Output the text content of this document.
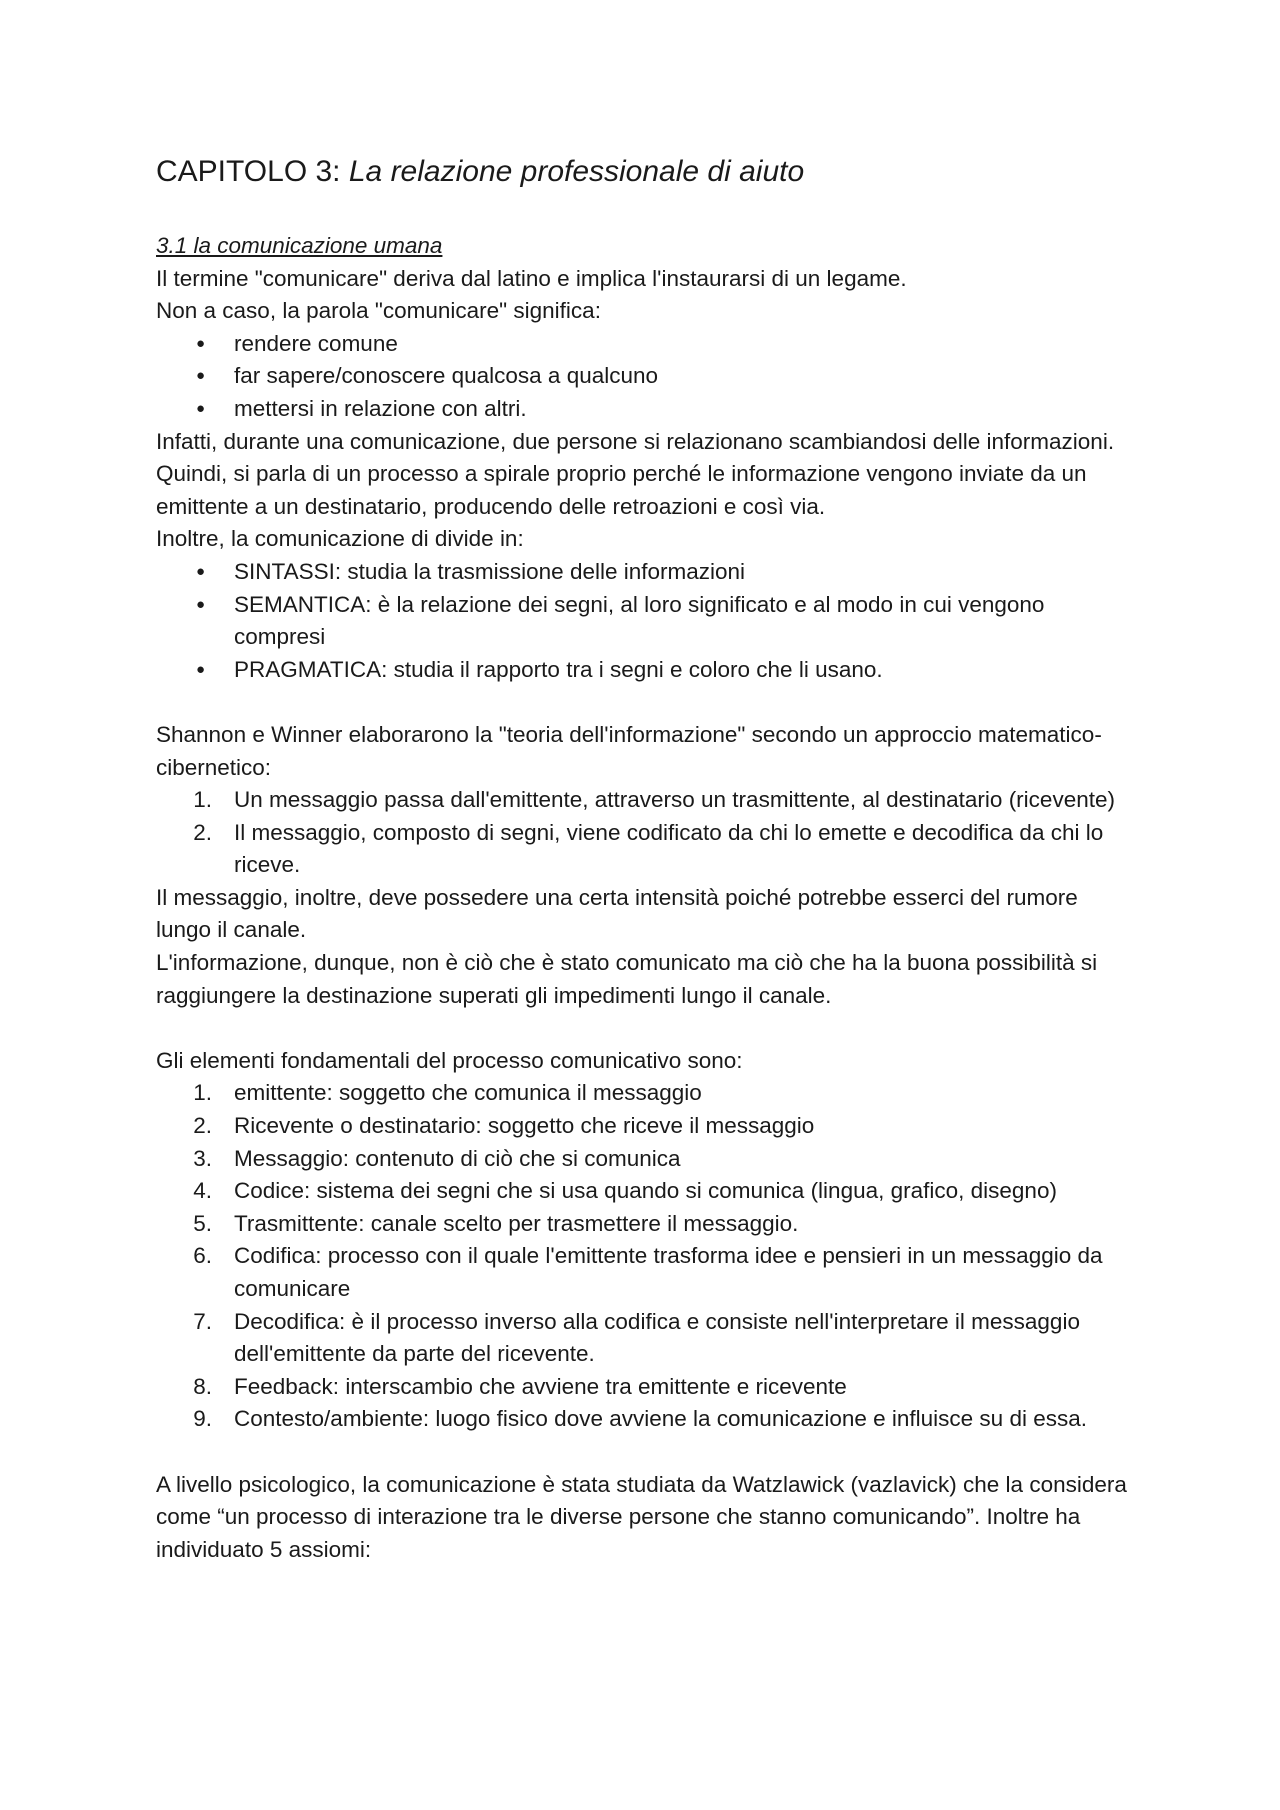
CAPITOLO 3: La relazione professionale di aiuto

3.1 la comunicazione umana

Il termine "comunicare" deriva dal latino e implica l'instaurarsi di un legame.

Non a caso, la parola "comunicare" significa:

●	rendere comune
●	far sapere/conoscere qualcosa a qualcuno
●	mettersi in relazione con altri.

Infatti, durante una comunicazione, due persone si relazionano scambiandosi delle informazioni. Quindi, si parla di un processo a spirale proprio perché le informazione vengono inviate da un emittente a un destinatario, producendo delle retroazioni e così via.

Inoltre, la comunicazione di divide in:

●	SINTASSI: studia la trasmissione delle informazioni
●	SEMANTICA: è la relazione dei segni, al loro significato e al modo in cui vengono compresi
●	PRAGMATICA: studia il rapporto tra i segni e coloro che li usano.

Shannon e Winner elaborarono la "teoria dell'informazione" secondo un approccio matematico-cibernetico:

1. Un messaggio passa dall'emittente, attraverso un trasmittente, al destinatario (ricevente)
2. Il messaggio, composto di segni, viene codificato da chi lo emette e decodifica da chi lo riceve.

Il messaggio, inoltre, deve possedere una certa intensità poiché potrebbe esserci del rumore lungo il canale.

L'informazione, dunque, non è ciò che è stato comunicato ma ciò che ha la buona possibilità si raggiungere la destinazione superati gli impedimenti lungo il canale.

Gli elementi fondamentali del processo comunicativo sono:

1. emittente: soggetto che comunica il messaggio
2. Ricevente o destinatario: soggetto che riceve il messaggio
3. Messaggio: contenuto di ciò che si comunica
4. Codice: sistema dei segni che si usa quando si comunica (lingua, grafico, disegno)
5. Trasmittente: canale scelto per trasmettere il messaggio.
6. Codifica: processo con il quale l'emittente trasforma idee e pensieri in un messaggio da comunicare
7. Decodifica: è il processo inverso alla codifica e consiste nell'interpretare il messaggio dell'emittente da parte del ricevente.
8. Feedback: interscambio che avviene tra emittente e ricevente
9. Contesto/ambiente: luogo fisico dove avviene la comunicazione e influisce su di essa.

A livello psicologico, la comunicazione è stata studiata da Watzlawick (vazlavick) che la considera come “un processo di interazione tra le diverse persone che stanno comunicando”. Inoltre ha individuato 5 assiomi:
